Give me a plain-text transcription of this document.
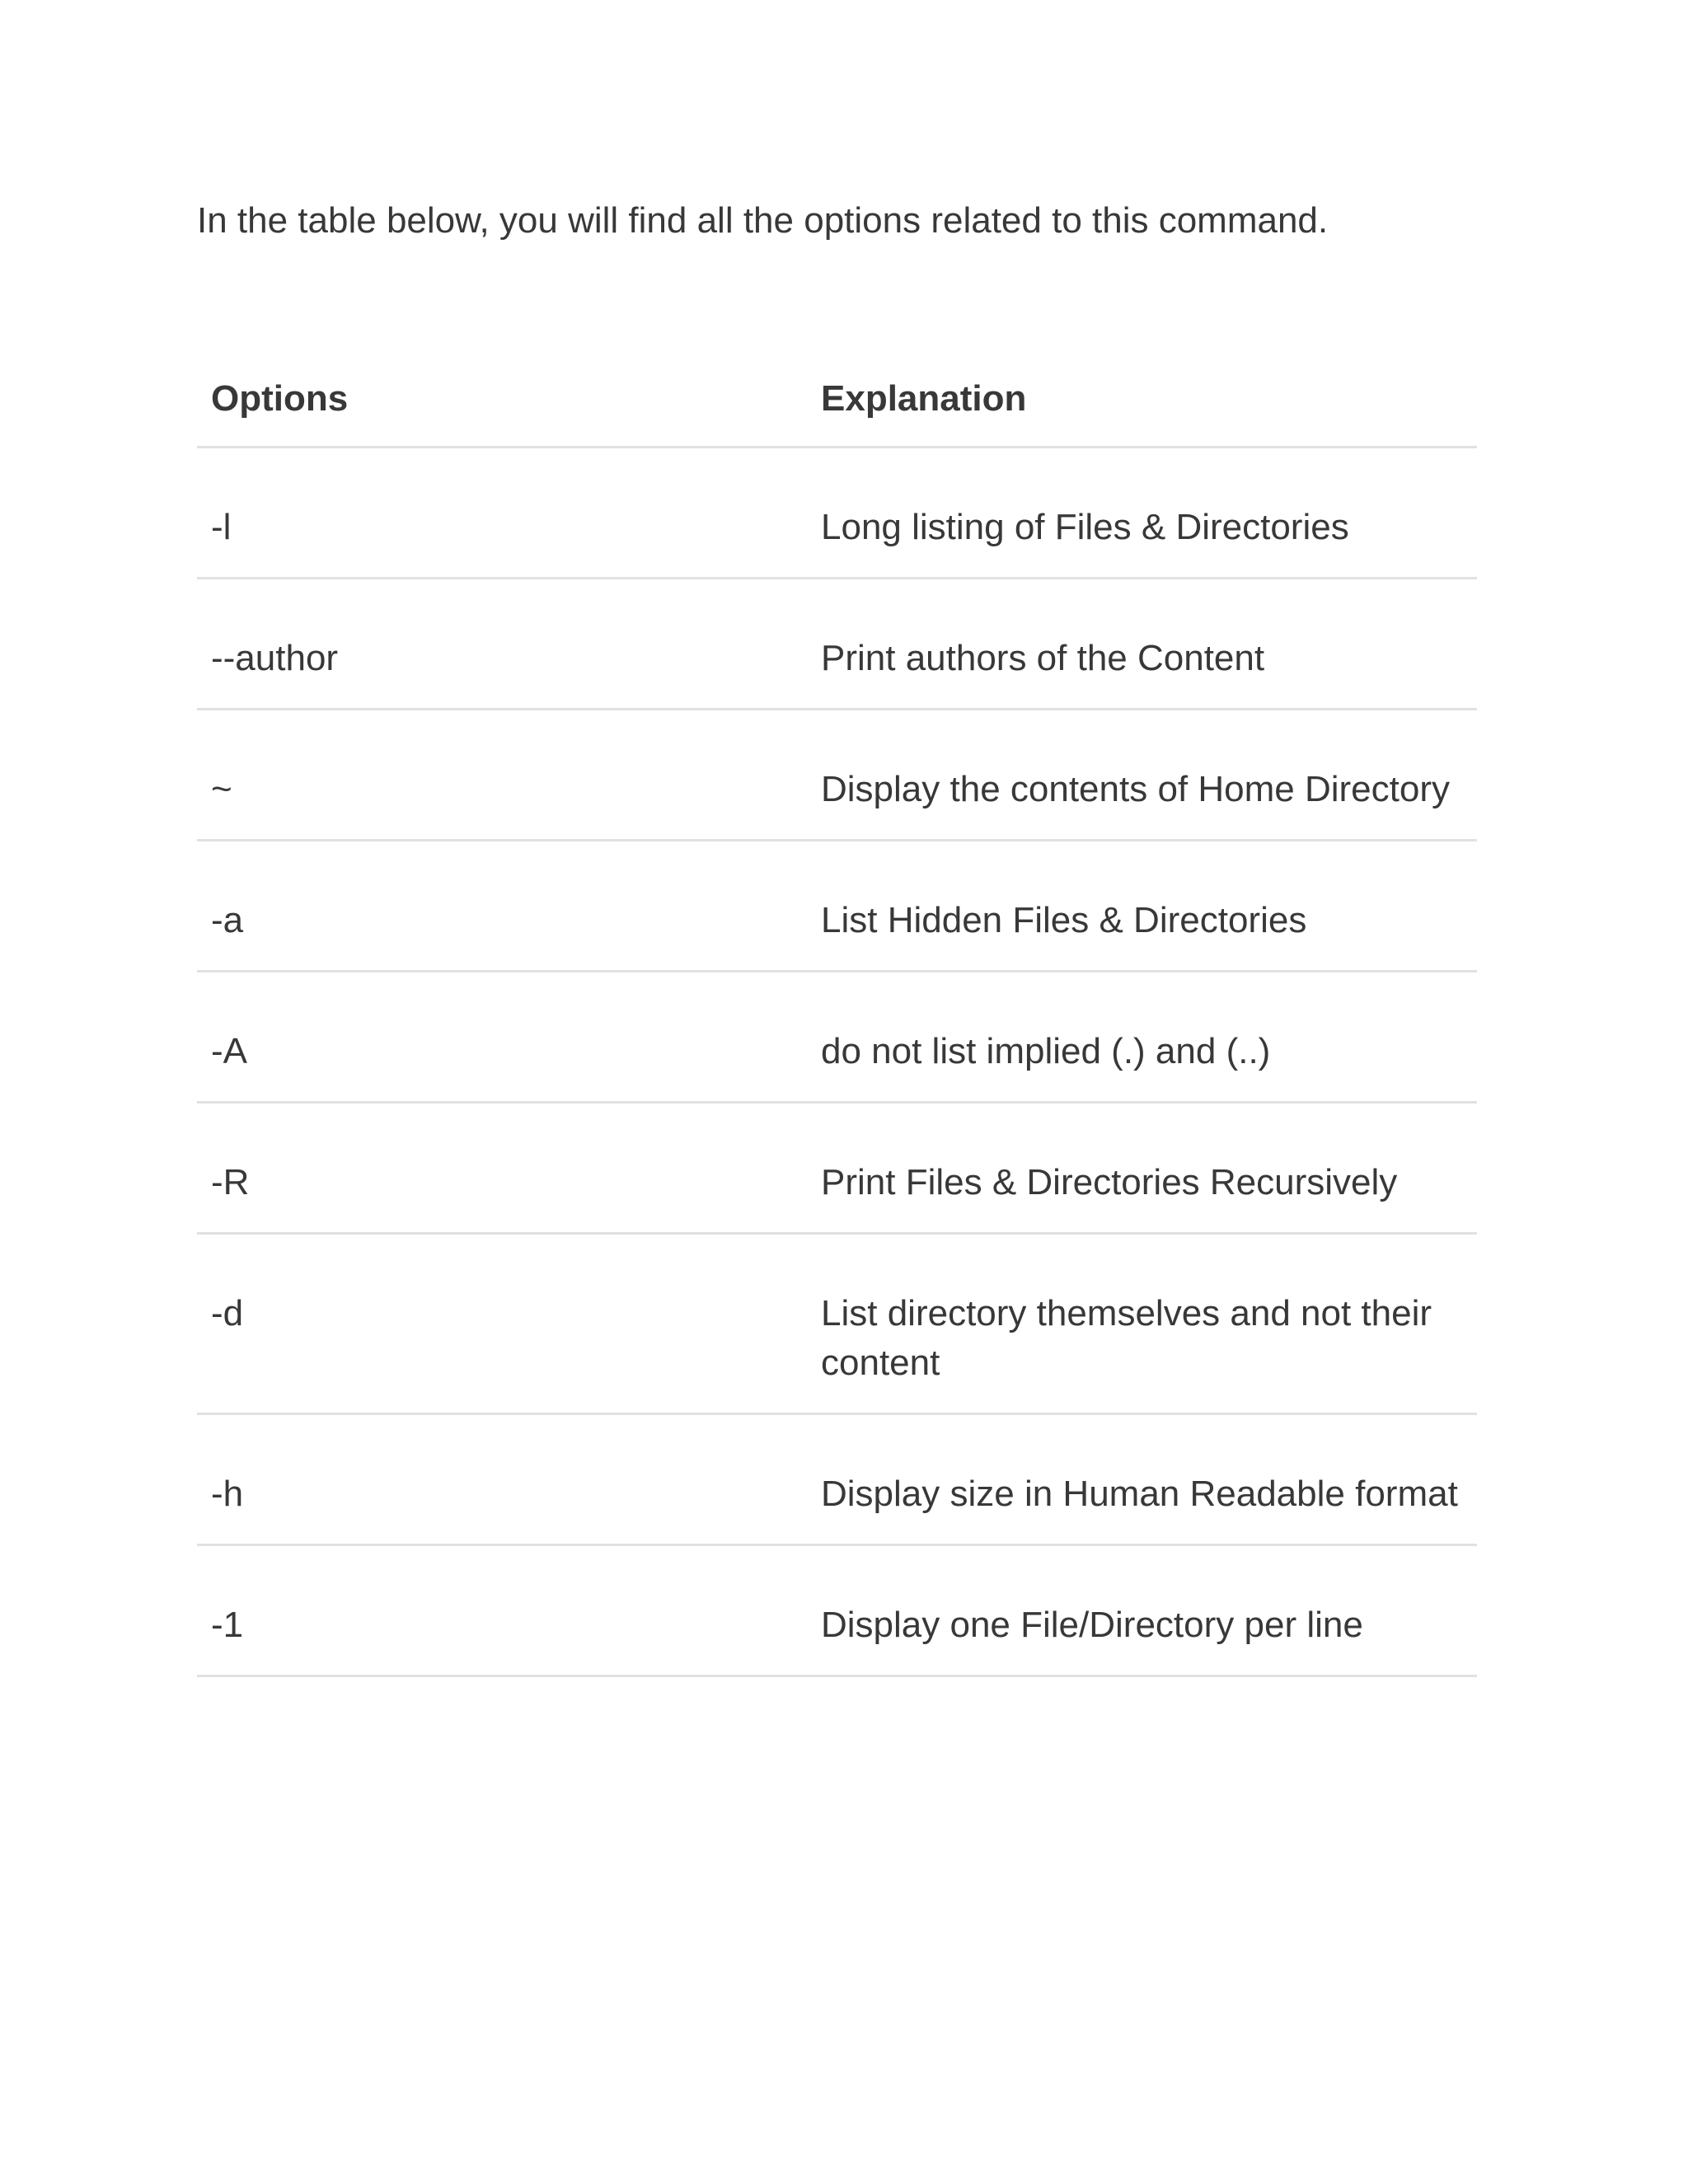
In the table below, you will find all the options related to this command.

Options	Explanation
-l	Long listing of Files & Directories
--author	Print authors of the Content
~	Display the contents of Home Directory
-a	List Hidden Files & Directories
-A	do not list implied (.) and (..)
-R	Print Files & Directories Recursively
-d	List directory themselves and not their content
-h	Display size in Human Readable format
-1	Display one File/Directory per line
